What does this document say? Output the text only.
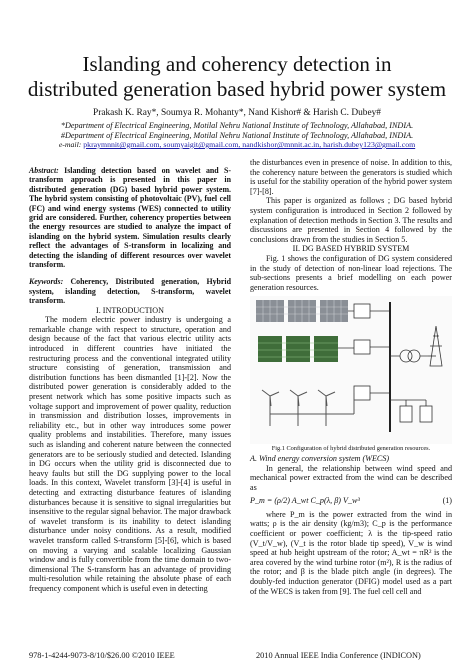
Islanding and coherency detection in
distributed generation based hybrid power system
Prakash K. Ray*, Soumya R. Mohanty*, Nand Kishor# & Harish C. Dubey#
*Department of Electrical Engineering, Motilal Nehru National Institute of Technology, Allahabad, INDIA.
#Department of Electrical Engineering, Motilal Nehru National Institute of Technology, Allahabad, INDIA.
e-mail: pkraymnnit@gmail.com, soumyaigit@gmail.com, nandkishor@mnnit.ac.in, harish.dubey123@gmail.com

Abstract: Islanding detection based on wavelet and S-transform approach is presented in this paper in distributed generation (DG) based hybrid power system. The hybrid system consisting of photovoltaic (PV), fuel cell (FC) and wind energy systems (WES) connected to utility grid are considered. Further, coherency properties between the energy resources are studied to analyze the impact of islanding on the hybrid system. Simulation results clearly reflect the advantages of S-transform in localizing and detecting the islanding of different resources over wavelet transform.

Keywords: Coherency, Distributed generation, Hybrid system, islanding detection, S-transform, wavelet transform.

I. INTRODUCTION

The modern electric power industry is undergoing a remarkable change with respect to structure, operation and design because of the fact that various electric utility acts introduced in different countries have initiated the restructuring process and the conventional integrated utility structure consisting of generation, transmission and distribution functions has been dismantled [1]-[2]. Now the distributed power generation is considerably added to the present network which has some positive impacts such as voltage support and improvement of power quality, reduction in transmission and distribution losses, improvements in reliability etc., but in other way introduces some power quality problems and instabilities. Therefore, many issues such as islanding and coherent nature between the connected generators are to be seriously studied and detected. Islanding in DG occurs when the utility grid is disconnected due to heavy faults but still the DG supplying power to the local loads. In this context, Wavelet transform [3]-[4] is useful in detecting and extracting disturbance features of islanding disturbances because it is sensitive to signal irregularities but insensitive to the regular signal behavior. The major drawback of wavelet transform is its inability to detect islanding disturbance under noisy conditions. As a result, modified wavelet transform called S-transform [5]-[6], which is based on moving a varying and scalable localizing Gaussian window and is fully convertible from the time domain to two-dimensional The S-transform has an advantage of providing multi-resolution while retaining the absolute phase of each frequency component which is useful even in detecting

the disturbances even in presence of noise. In addition to this, the coherency nature between the generators is studied which is useful for the stability operation of the hybrid power system [7]-[8].

This paper is organized as follows ; DG based hybrid system configuration is introduced in Section 2 followed by explanation of detection methods in Section 3. The results and discussions are presented in Section 4 followed by the conclusions drawn from the studies in Section 5.

II. DG BASED HYBRID SYSTEM

Fig. 1 shows the configuration of DG system considered in the study of detection of non-linear load rejections. The sub-sections presents a brief modelling on each power generation resources.

Fig.1 Configuration of hybrid distributed generation resources.

A. Wind energy conversion system (WECS)

In general, the relationship between wind speed and mechanical power extracted from the wind can be described as

P_m = (ρ/2) A_wt C_p(λ, β) V_w³	(1)

where P_m is the power extracted from the wind in watts; ρ is the air density (kg/m3); C_p is the performance coefficient or power coefficient; λ is the tip-speed ratio (V_t/V_w), (V_t is the rotor blade tip speed), V_w is wind speed at hub height upstream of the rotor; A_wt = πR² is the area covered by the wind turbine rotor (m²), R is the radius of the rotor; and β is the blade pitch angle (in degrees). The doubly-fed induction generator (DFIG) model used as a part of the WECS is taken from [9]. The fuel cell cell and

978-1-4244-9073-8/10/$26.00 ©2010 IEEE	2010 Annual IEEE India Conference (INDICON)
